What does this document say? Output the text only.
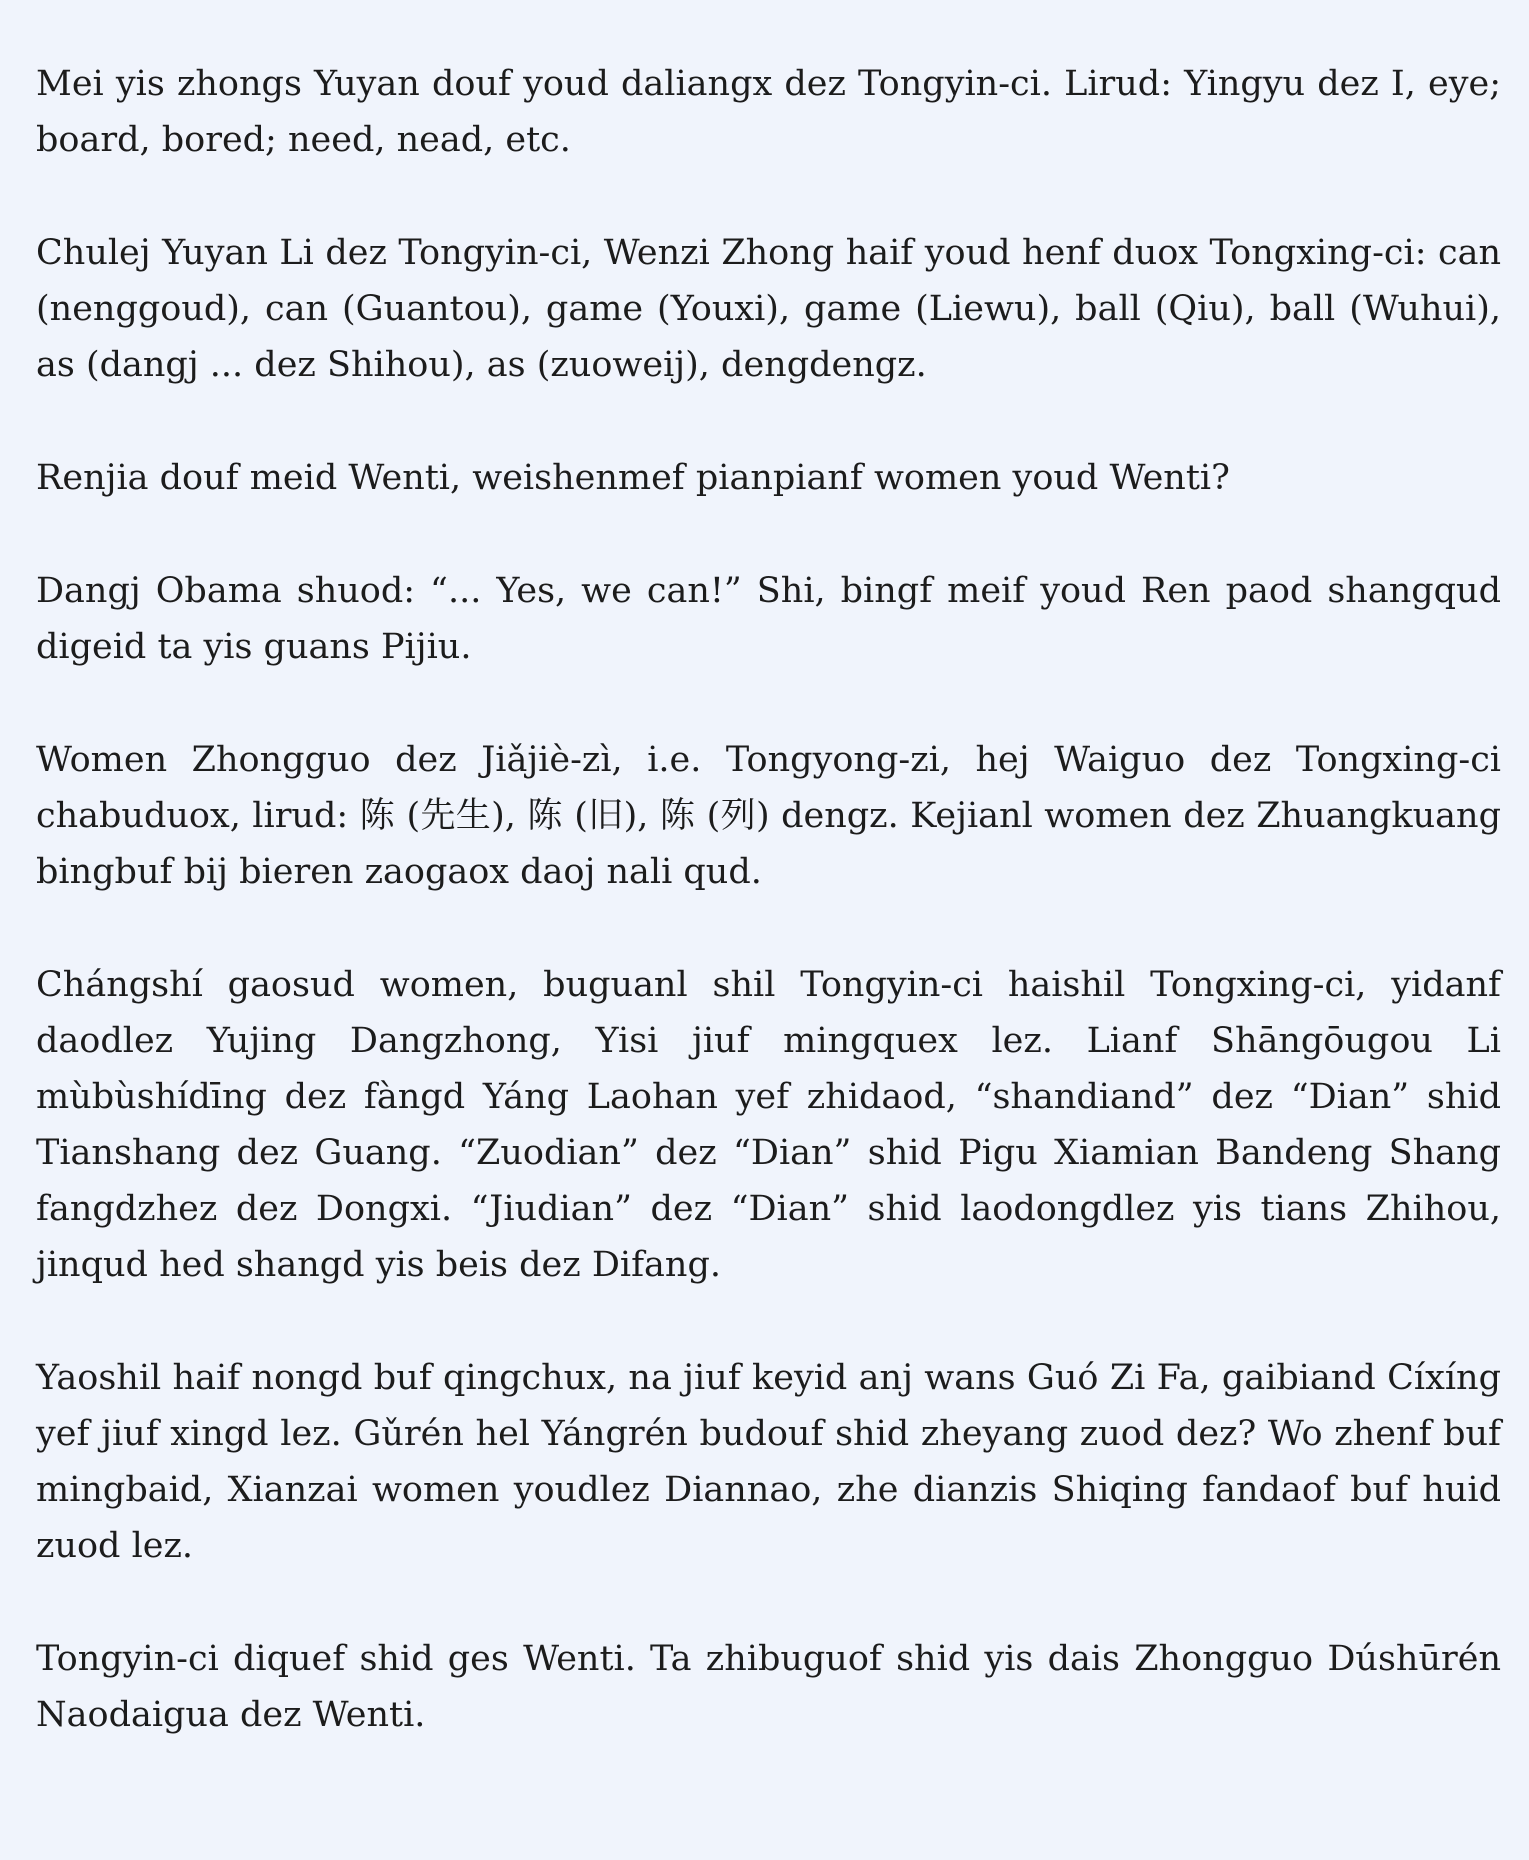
Mei yis zhongs Yuyan douf youd daliangx dez Tongyin-ci. Lirud: Yingyu dez I, eye; board, bored; need, nead, etc.

Chulej Yuyan Li dez Tongyin-ci, Wenzi Zhong haif youd henf duox Tongxing-ci: can (nenggoud), can (Guantou), game (Youxi), game (Liewu), ball (Qiu), ball (Wuhui), as (dangj ... dez Shihou), as (zuoweij), dengdengz.

Renjia douf meid Wenti, weishenmef pianpianf women youd Wenti?

Dangj Obama shuod: “... Yes, we can!” Shi, bingf meif youd Ren paod shangqud digeid ta yis guans Pijiu.

Women Zhongguo dez Jiǎjiè-zì, i.e. Tongyong-zi, hej Waiguo dez Tongxing-ci chabuduox, lirud: 陈 (先生), 陈 (旧), 陈 (列) dengz. Kejianl women dez Zhuangkuang bingbuf bij bieren zaogaox daoj nali qud.

Chángshí gaosud women, buguanl shil Tongyin-ci haishil Tongxing-ci, yidanf daodlez Yujing Dangzhong, Yisi jiuf mingquex lez. Lianf Shāngōugou Li mùbùshídīng dez fàngd Yáng Laohan yef zhidaod, “shandiand” dez “Dian” shid Tianshang dez Guang. “Zuodian” dez “Dian” shid Pigu Xiamian Bandeng Shang fangdzhez dez Dongxi. “Jiudian” dez “Dian” shid laodongdlez yis tians Zhihou, jinqud hed shangd yis beis dez Difang.

Yaoshil haif nongd buf qingchux, na jiuf keyid anj wans Guó Zi Fa, gaibiand Cíxíng yef jiuf xingd lez. Gǔrén hel Yángrén budouf shid zheyang zuod dez? Wo zhenf buf mingbaid, Xianzai women youdlez Diannao, zhe dianzis Shiqing fandaof buf huid zuod lez.

Tongyin-ci diquef shid ges Wenti. Ta zhibuguof shid yis dais Zhongguo Dúshūrén Naodaigua dez Wenti.
